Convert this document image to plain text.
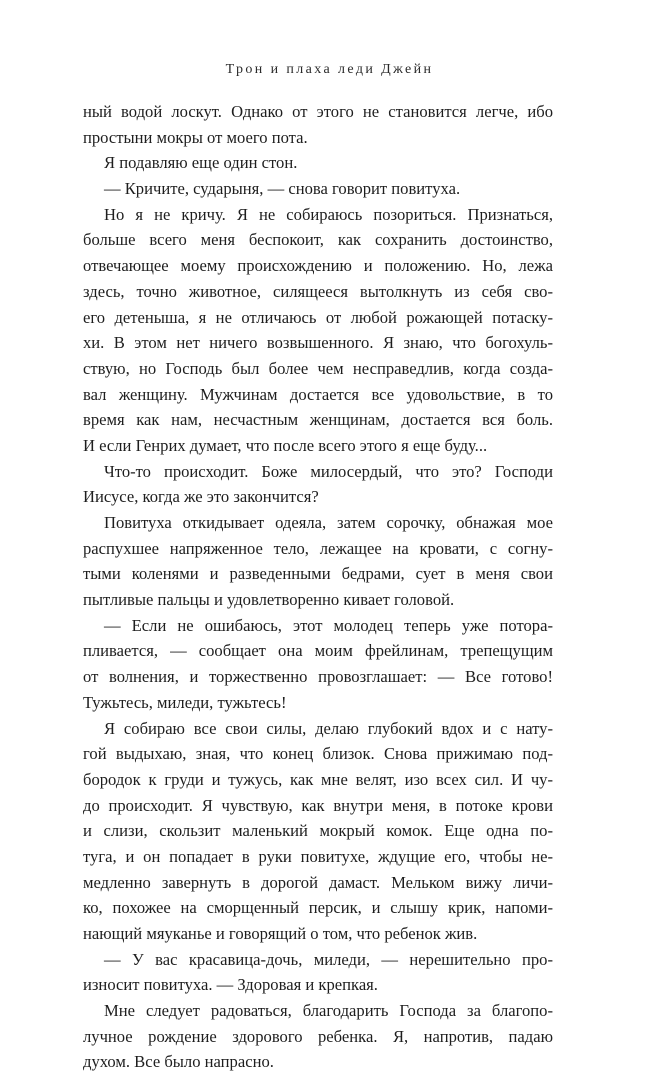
Трон и плаха леди Джейн
ный водой лоскут. Однако от этого не становится легче, ибо
простыни мокры от моего пота.
Я подавляю еще один стон.
— Кричите, сударыня, — снова говорит повитуха.
Но я не кричу. Я не собираюсь позориться. Признаться,
больше всего меня беспокоит, как сохранить достоинство,
отвечающее моему происхождению и положению. Но, лежа
здесь, точно животное, силящееся вытолкнуть из себя сво-
его детеныша, я не отличаюсь от любой рожающей потаску-
хи. В этом нет ничего возвышенного. Я знаю, что богохуль-
ствую, но Господь был более чем несправедлив, когда созда-
вал женщину. Мужчинам достается все удовольствие, в то
время как нам, несчастным женщинам, достается вся боль.
И если Генрих думает, что после всего этого я еще буду...
Что-то происходит. Боже милосердый, что это? Господи
Иисусе, когда же это закончится?
Повитуха откидывает одеяла, затем сорочку, обнажая мое
распухшее напряженное тело, лежащее на кровати, с согну-
тыми коленями и разведенными бедрами, сует в меня свои
пытливые пальцы и удовлетворенно кивает головой.
— Если не ошибаюсь, этот молодец теперь уже потора-
пливается, — сообщает она моим фрейлинам, трепещущим
от волнения, и торжественно провозглашает: — Все готово!
Тужьтесь, миледи, тужьтесь!
Я собираю все свои силы, делаю глубокий вдох и с нату-
гой выдыхаю, зная, что конец близок. Снова прижимаю под-
бородок к груди и тужусь, как мне велят, изо всех сил. И чу-
до происходит. Я чувствую, как внутри меня, в потоке крови
и слизи, скользит маленький мокрый комок. Еще одна по-
туга, и он попадает в руки повитухе, ждущие его, чтобы не-
медленно завернуть в дорогой дамаст. Мельком вижу личи-
ко, похожее на сморщенный персик, и слышу крик, напоми-
нающий мяуканье и говорящий о том, что ребенок жив.
— У вас красавица-дочь, миледи, — нерешительно про-
износит повитуха. — Здоровая и крепкая.
Мне следует радоваться, благодарить Господа за благопо-
лучное рождение здорового ребенка. Я, напротив, падаю
духом. Все было напрасно.
